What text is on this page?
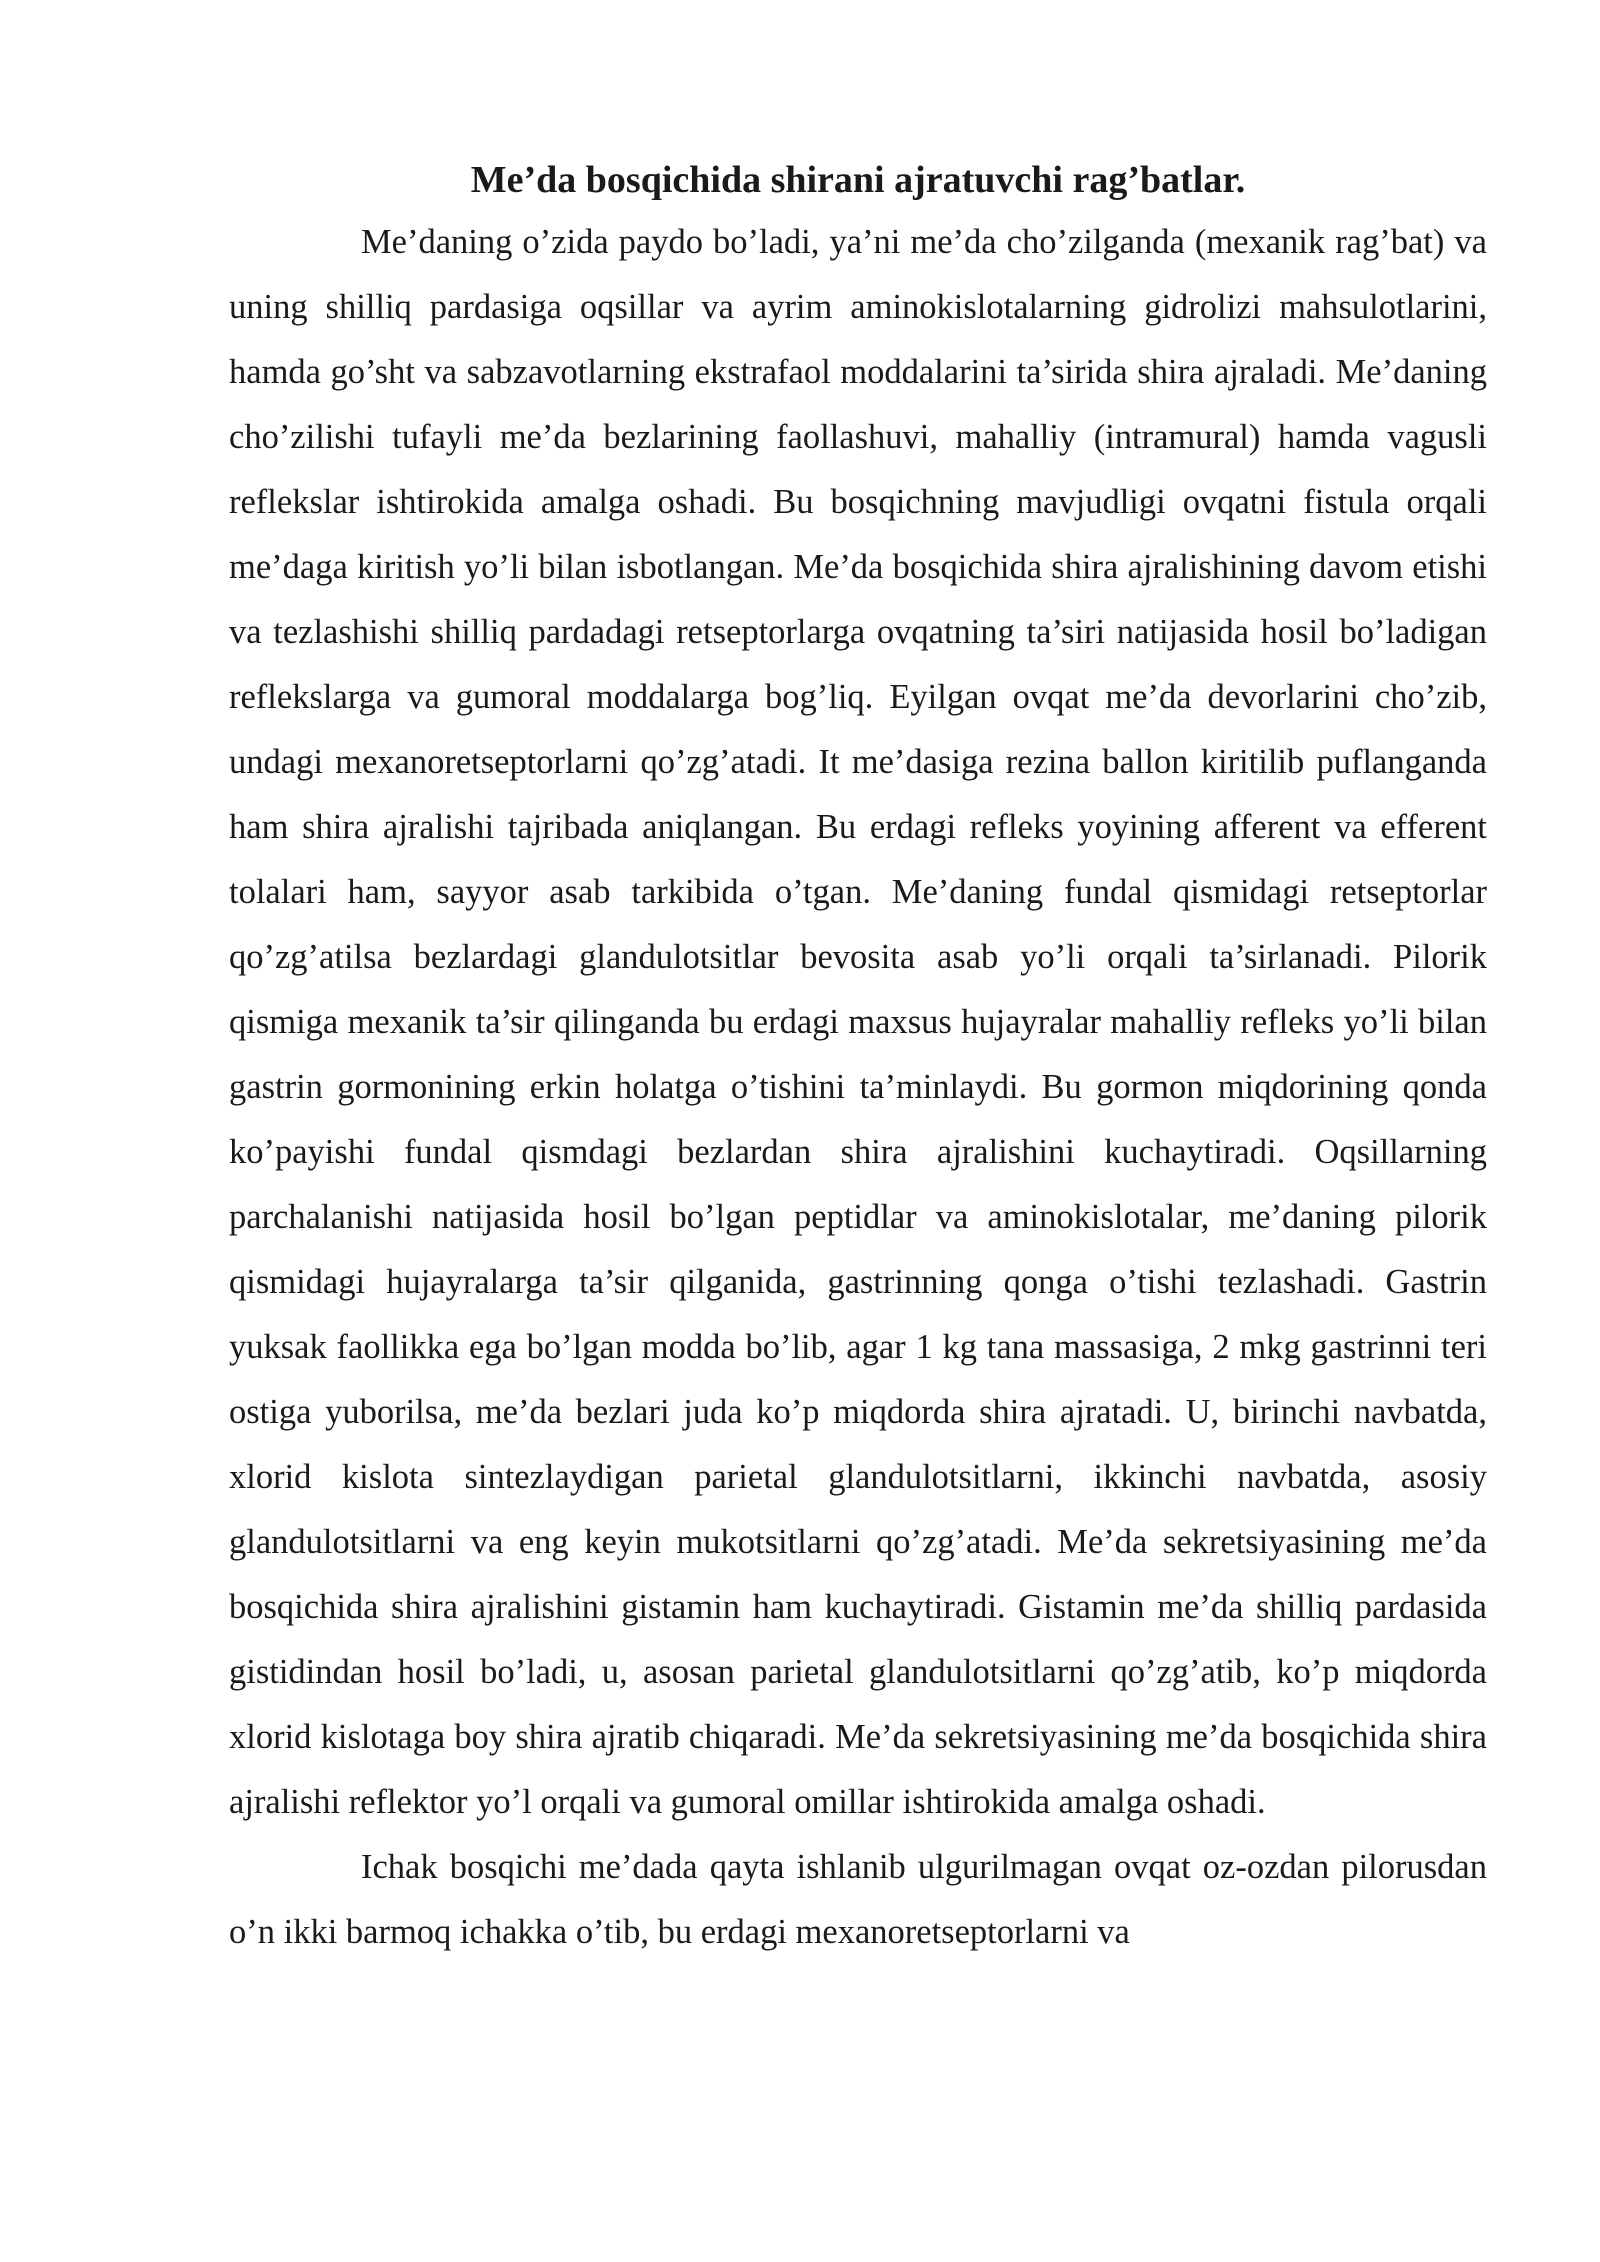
Me’da bosqichida shirani ajratuvchi rag’batlar.

Me’daning o’zida paydo bo’ladi, ya’ni me’da cho’zilganda (mexanik rag’bat) va uning shilliq pardasiga oqsillar va ayrim aminokislotalarning gidrolizi mahsulotlarini, hamda go’sht va sabzavotlarning ekstrafaol moddalarini ta’sirida shira ajraladi. Me’daning cho’zilishi tufayli me’da bezlarining faollashuvi, mahalliy (intramural) hamda vagusli reflekslar ishtirokida amalga oshadi. Bu bosqichning mavjudligi ovqatni fistula orqali me’daga kiritish yo’li bilan isbotlangan. Me’da bosqichida shira ajralishining davom etishi va tezlashishi shilliq pardadagi retseptorlarga ovqatning ta’siri natijasida hosil bo’ladigan reflekslarga va gumoral moddalarga bog’liq. Eyilgan ovqat me’da devorlarini cho’zib, undagi mexanoretseptorlarni qo’zg’atadi. It me’dasiga rezina ballon kiritilib puflanganda ham shira ajralishi tajribada aniqlangan. Bu erdagi refleks yoyining afferent va efferent tolalari ham, sayyor asab tarkibida o’tgan. Me’daning fundal qismidagi retseptorlar qo’zg’atilsa bezlardagi glandulotsitlar bevosita asab yo’li orqali ta’sirlanadi. Pilorik qismiga mexanik ta’sir qilinganda bu erdagi maxsus hujayralar mahalliy refleks yo’li bilan gastrin gormonining erkin holatga o’tishini ta’minlaydi. Bu gormon miqdorining qonda ko’payishi fundal qismdagi bezlardan shira ajralishini kuchaytiradi. Oqsillarning parchalanishi natijasida hosil bo’lgan peptidlar va aminokislotalar, me’daning pilorik qismidagi hujayralarga ta’sir qilganida, gastrinning qonga o’tishi tezlashadi. Gastrin yuksak faollikka ega bo’lgan modda bo’lib, agar 1 kg tana massasiga, 2 mkg gastrinni teri ostiga yuborilsa, me’da bezlari juda ko’p miqdorda shira ajratadi. U, birinchi navbatda, xlorid kislota sintezlaydigan parietal glandulotsitlarni, ikkinchi navbatda, asosiy glandulotsitlarni va eng keyin mukotsitlarni qo’zg’atadi. Me’da sekretsiyasining me’da bosqichida shira ajralishini gistamin ham kuchaytiradi. Gistamin me’da shilliq pardasida gistidindan hosil bo’ladi, u, asosan parietal glandulotsitlarni qo’zg’atib, ko’p miqdorda xlorid kislotaga boy shira ajratib chiqaradi. Me’da sekretsiyasining me’da bosqichida shira ajralishi reflektor yo’l orqali va gumoral omillar ishtirokida amalga oshadi.

Ichak bosqichi me’dada qayta ishlanib ulgurilmagan ovqat oz-ozdan pilorusdan o’n ikki barmoq ichakka o’tib, bu erdagi mexanoretseptorlarni va
